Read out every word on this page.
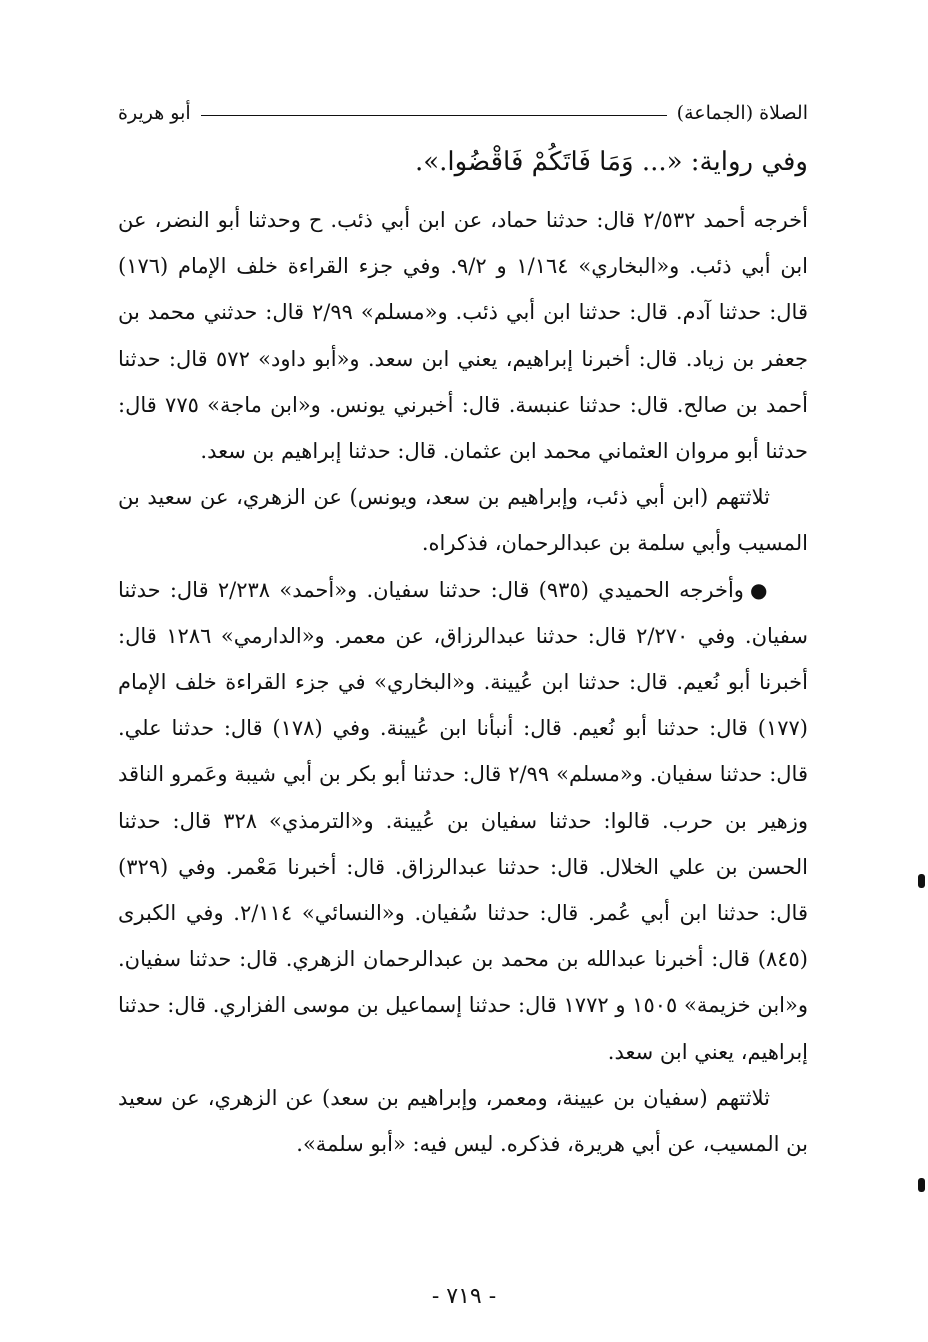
الصلاة (الجماعة)
أبو هريرة
وفي رواية: «... وَمَا فَاتَكُمْ فَاقْضُوا.».

أخرجه أحمد ٢/٥٣٢ قال: حدثنا حماد، عن ابن أبي ذئب. ح وحدثنا أبو النضر، عن ابن أبي ذئب. و«البخاري» ١/١٦٤ و ٩/٢. وفي جزء القراءة خلف الإمام (١٧٦) قال: حدثنا آدم. قال: حدثنا ابن أبي ذئب. و«مسلم» ٢/٩٩ قال: حدثني محمد بن جعفر بن زياد. قال: أخبرنا إبراهيم، يعني ابن سعد. و«أبو داود» ٥٧٢ قال: حدثنا أحمد بن صالح. قال: حدثنا عنبسة. قال: أخبرني يونس. و«ابن ماجة» ٧٧٥ قال: حدثنا أبو مروان العثماني محمد ابن عثمان. قال: حدثنا إبراهيم بن سعد.

ثلاثتهم (ابن أبي ذئب، وإبراهيم بن سعد، ويونس) عن الزهري، عن سعيد بن المسيب وأبي سلمة بن عبدالرحمان، فذكراه.

●وأخرجه الحميدي (٩٣٥) قال: حدثنا سفيان. و«أحمد» ٢/٢٣٨ قال: حدثنا سفيان. وفي ٢/٢٧٠ قال: حدثنا عبدالرزاق، عن معمر. و«الدارمي» ١٢٨٦ قال: أخبرنا أبو نُعيم. قال: حدثنا ابن عُيينة. و«البخاري» في جزء القراءة خلف الإمام (١٧٧) قال: حدثنا أبو نُعيم. قال: أنبأنا ابن عُيينة. وفي (١٧٨) قال: حدثنا علي. قال: حدثنا سفيان. و«مسلم» ٢/٩٩ قال: حدثنا أبو بكر بن أبي شيبة وعَمرو الناقد وزهير بن حرب. قالوا: حدثنا سفيان بن عُيينة. و«الترمذي» ٣٢٨ قال: حدثنا الحسن بن علي الخلال. قال: حدثنا عبدالرزاق. قال: أخبرنا مَعْمر. وفي (٣٢٩) قال: حدثنا ابن أبي عُمر. قال: حدثنا سُفيان. و«النسائي» ٢/١١٤. وفي الكبرى (٨٤٥) قال: أخبرنا عبدالله بن محمد بن عبدالرحمان الزهري. قال: حدثنا سفيان. و«ابن خزيمة» ١٥٠٥ و ١٧٧٢ قال: حدثنا إسماعيل بن موسى الفزاري. قال: حدثنا إبراهيم، يعني ابن سعد.

ثلاثتهم (سفيان بن عيينة، ومعمر، وإبراهيم بن سعد) عن الزهري، عن سعيد بن المسيب، عن أبي هريرة، فذكره. ليس فيه: «أبو سلمة».

- ٧١٩ -
